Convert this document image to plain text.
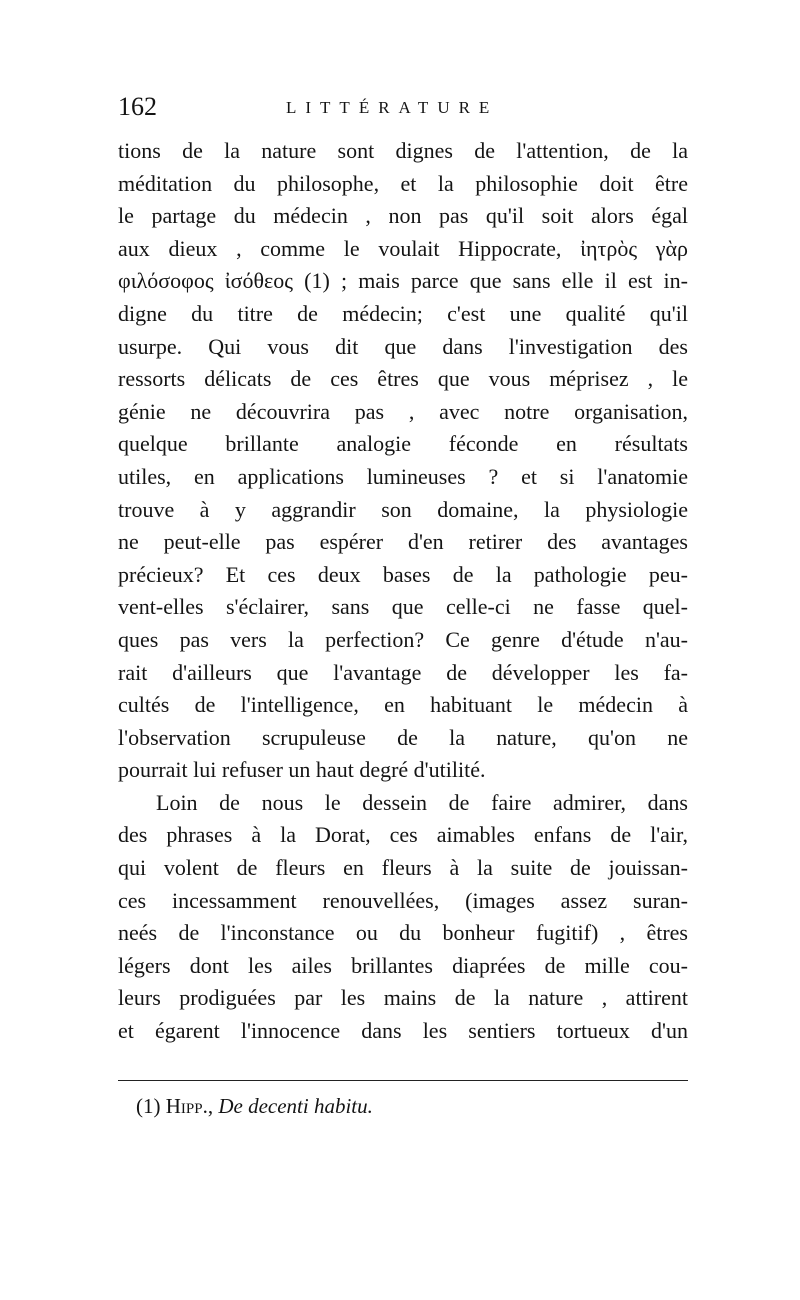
162	LITTÉRATURE
tions de la nature sont dignes de l'attention, de la
méditation du philosophe, et la philosophie doit être
le partage du médecin , non pas qu'il soit alors égal
aux dieux , comme le voulait Hippocrate, ἰητρὸς γὰρ
φιλόσοφος ἰσόθεος (1) ; mais parce que sans elle il est in-
digne du titre de médecin; c'est une qualité qu'il
usurpe. Qui vous dit que dans l'investigation des
ressorts délicats de ces êtres que vous méprisez , le
génie ne découvrira pas , avec notre organisation,
quelque brillante analogie féconde en résultats
utiles, en applications lumineuses ? et si l'anatomie
trouve à y aggrandir son domaine, la physiologie
ne peut-elle pas espérer d'en retirer des avantages
précieux? Et ces deux bases de la pathologie peu-
vent-elles s'éclairer, sans que celle-ci ne fasse quel-
ques pas vers la perfection? Ce genre d'étude n'au-
rait d'ailleurs que l'avantage de développer les fa-
cultés de l'intelligence, en habituant le médecin à
l'observation scrupuleuse de la nature, qu'on ne
pourrait lui refuser un haut degré d'utilité.
Loin de nous le dessein de faire admirer, dans
des phrases à la Dorat, ces aimables enfans de l'air,
qui volent de fleurs en fleurs à la suite de jouissan-
ces incessamment renouvellées, (images assez suran-
neés de l'inconstance ou du bonheur fugitif) , êtres
légers dont les ailes brillantes diaprées de mille cou-
leurs prodiguées par les mains de la nature , attirent
et égarent l'innocence dans les sentiers tortueux d'un
(1) Hipp., De decenti habitu.
